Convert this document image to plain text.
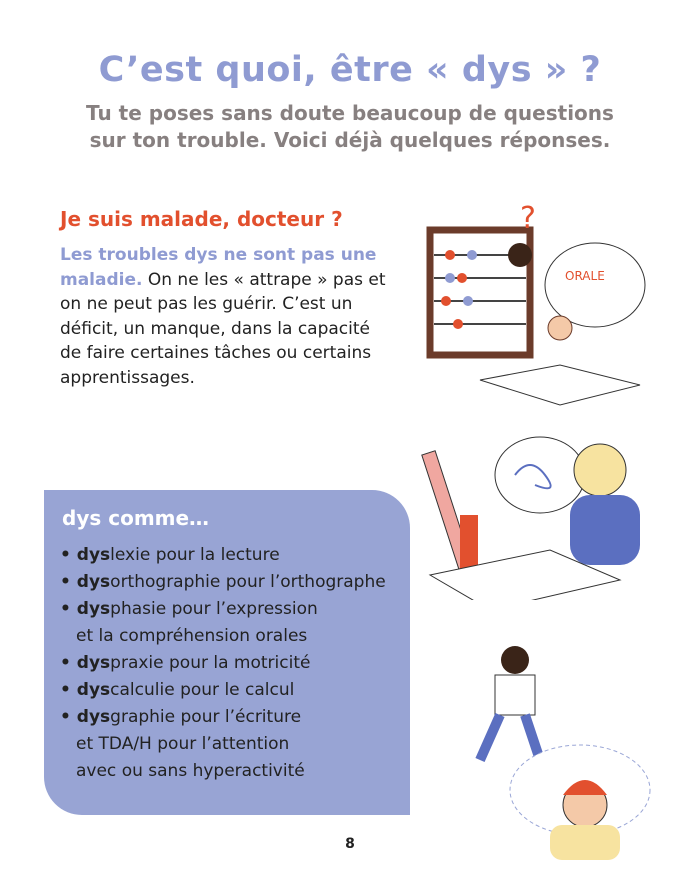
C’est quoi, être « dys » ?
Tu te poses sans doute beaucoup de questions
sur ton trouble. Voici déjà quelques réponses.
Je suis malade, docteur ?
Les troubles dys ne sont pas une maladie. On ne les « attrape » pas et on ne peut pas les guérir. C’est un déficit, un manque, dans la capacité de faire certaines tâches ou certains apprentissages.
dys comme…
• dyslexie pour la lecture
• dysorthographie pour l’orthographe
• dysphasie pour l’expression et la compréhension orales
• dyspraxie pour la motricité
• dyscalculie pour le calcul
• dysgraphie pour l’écriture et TDA/H pour l’attention avec ou sans hyperactivité
?
ORALE
8
